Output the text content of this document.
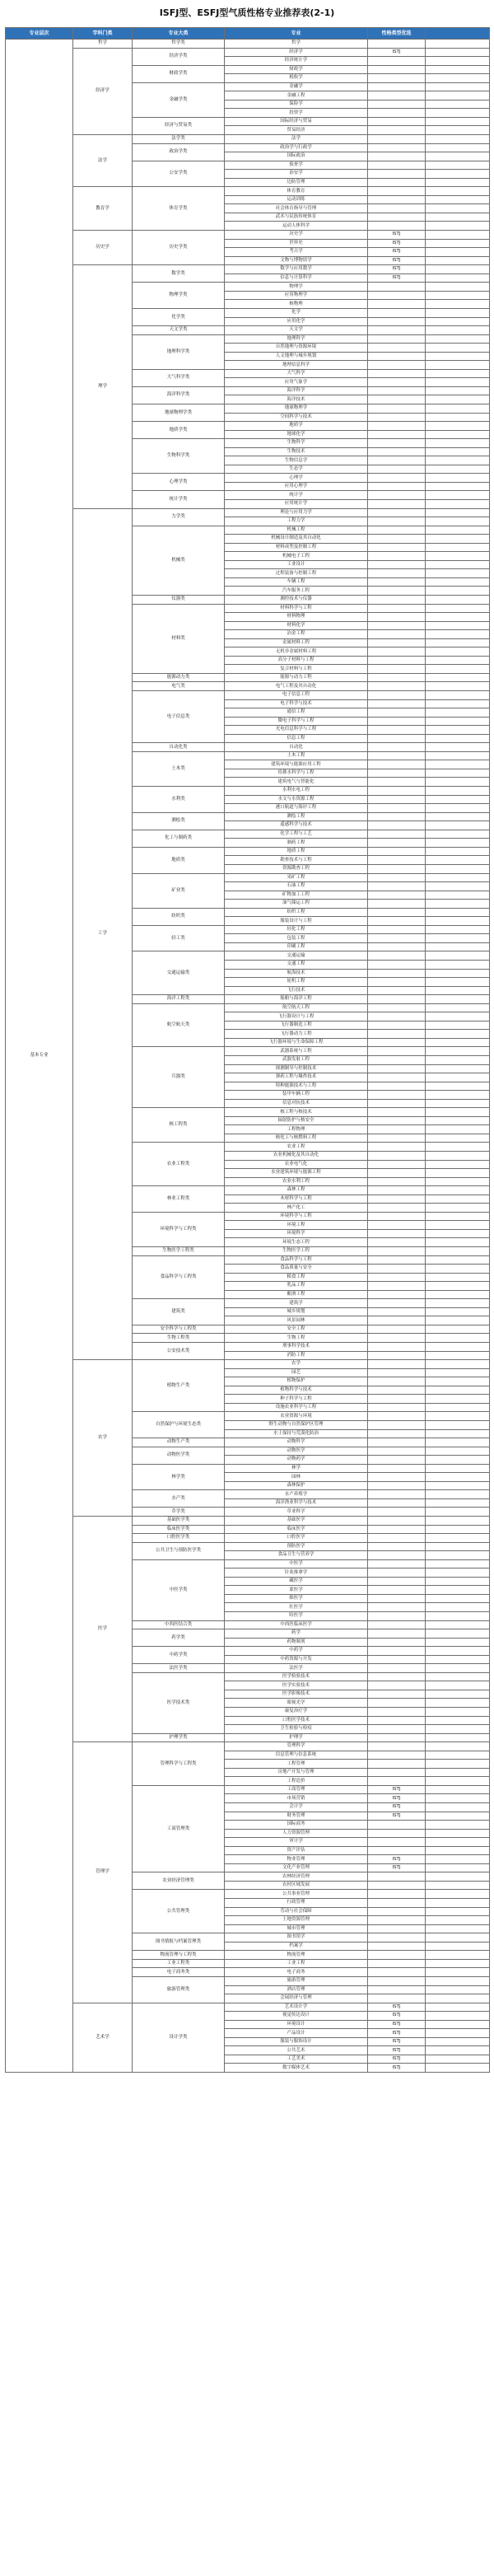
ISFJ型、ESFJ型气质性格专业推荐表(2-1)
专业层次	学科门类	专业大类	专业	性格类型优选	
基本专业	哲学	哲学类	哲学		
	经济学	经济学类	经济学	ISTJ	
			经济统计学		
		财政学类	财政学		
			税收学		
		金融学类	金融学		
			金融工程		
			保险学		
			投资学		
		经济与贸易类	国际经济与贸易		
			贸易经济		
	法学	法学类	法学		
		政治学类	政治学与行政学		
			国际政治		
		公安学类	侦查学		
			治安学		
			边防管理		
	教育学	体育学类	体育教育		
			运动训练		
			社会体育指导与管理		
			武术与民族传统体育		
			运动人体科学		
	历史学	历史学类	历史学	ISTJ	
			世界史	ISTJ	
			考古学	ISTJ	
			文物与博物馆学	ISTJ	
	理学	数学类	数学与应用数学	ISTJ	
			信息与计算科学	ISTJ	
		物理学类	物理学		
			应用物理学		
			核物理		
		化学类	化学		
			应用化学		
		天文学类	天文学		
		地理科学类	地理科学		
			自然地理与资源环境		
			人文地理与城乡规划		
			地理信息科学		
		大气科学类	大气科学		
			应用气象学		
		海洋科学类	海洋科学		
			海洋技术		
		地球物理学类	地球物理学		
			空间科学与技术		
		地质学类	地质学		
			地球化学		
		生物科学类	生物科学		
			生物技术		
			生物信息学		
			生态学		
		心理学类	心理学		
			应用心理学		
		统计学类	统计学		
			应用统计学		
	工学	力学类	理论与应用力学		
			工程力学		
		机械类	机械工程		
			机械设计制造及其自动化		
			材料成型及控制工程		
			机械电子工程		
			工业设计		
			过程装备与控制工程		
			车辆工程		
			汽车服务工程		
		仪器类	测控技术与仪器		
		材料类	材料科学与工程		
			材料物理		
			材料化学		
			冶金工程		
			金属材料工程		
			无机非金属材料工程		
			高分子材料与工程		
			复合材料与工程		
		能源动力类	能源与动力工程		
		电气类	电气工程及其自动化		
		电子信息类	电子信息工程		
			电子科学与技术		
			通信工程		
			微电子科学与工程		
			光电信息科学与工程		
			信息工程		
		自动化类	自动化		
		土木类	土木工程		
			建筑环境与能源应用工程		
			给排水科学与工程		
			建筑电气与智能化		
		水利类	水利水电工程		
			水文与水资源工程		
			港口航道与海岸工程		
		测绘类	测绘工程		
			遥感科学与技术		
		化工与制药类	化学工程与工艺		
			制药工程		
		地质类	地质工程		
			勘查技术与工程		
			资源勘查工程		
		矿业类	采矿工程		
			石油工程		
			矿物加工工程		
			油气储运工程		
		纺织类	纺织工程		
			服装设计与工程		
		轻工类	轻化工程		
			包装工程		
			印刷工程		
		交通运输类	交通运输		
			交通工程		
			航海技术		
			轮机工程		
			飞行技术		
		海洋工程类	船舶与海洋工程		
		航空航天类	航空航天工程		
			飞行器设计与工程		
			飞行器制造工程		
			飞行器动力工程		
			飞行器环境与生命保障工程		
		兵器类	武器系统与工程		
			武器发射工程		
			探测制导与控制技术		
			弹药工程与爆炸技术		
			特种能源技术与工程		
			装甲车辆工程		
			信息对抗技术		
		核工程类	核工程与核技术		
			辐射防护与核安全		
			工程物理		
			核化工与核燃料工程		
		农业工程类	农业工程		
			农业机械化及其自动化		
			农业电气化		
			农业建筑环境与能源工程		
			农业水利工程		
		林业工程类	森林工程		
			木材科学与工程		
			林产化工		
		环境科学与工程类	环境科学与工程		
			环境工程		
			环境科学		
			环境生态工程		
		生物医学工程类	生物医学工程		
		食品科学与工程类	食品科学与工程		
			食品质量与安全		
			粮食工程		
			乳品工程		
			酿酒工程		
		建筑类	建筑学		
			城乡规划		
			风景园林		
		安全科学与工程类	安全工程		
		生物工程类	生物工程		
		公安技术类	刑事科学技术		
			消防工程		
	农学	植物生产类	农学		
			园艺		
			植物保护		
			植物科学与技术		
			种子科学与工程		
			设施农业科学与工程		
		自然保护与环境生态类	农业资源与环境		
			野生动物与自然保护区管理		
			水土保持与荒漠化防治		
		动物生产类	动物科学		
		动物医学类	动物医学		
			动物药学		
		林学类	林学		
			园林		
			森林保护		
		水产类	水产养殖学		
			海洋渔业科学与技术		
		草学类	草业科学		
	医学	基础医学类	基础医学		
		临床医学类	临床医学		
		口腔医学类	口腔医学		
		公共卫生与预防医学类	预防医学		
			食品卫生与营养学		
		中医学类	中医学		
			针灸推拿学		
			藏医学		
			蒙医学		
			维医学		
			壮医学		
			哈医学		
		中西医结合类	中西医临床医学		
		药学类	药学		
			药物制剂		
		中药学类	中药学		
			中药资源与开发		
		法医学类	法医学		
		医学技术类	医学检验技术		
			医学实验技术		
			医学影像技术		
			眼视光学		
			康复治疗学		
			口腔医学技术		
			卫生检验与检疫		
		护理学类	护理学		
	管理学	管理科学与工程类	管理科学		
			信息管理与信息系统		
			工程管理		
			房地产开发与管理		
			工程造价		
		工商管理类	工商管理	ISTJ	
			市场营销	ISTJ	
			会计学	ISTJ	
			财务管理	ISTJ	
			国际商务		
			人力资源管理		
			审计学		
			资产评估		
			物业管理	ISTJ	
			文化产业管理	ISTJ	
		农业经济管理类	农林经济管理		
			农村区域发展		
		公共管理类	公共事业管理		
			行政管理		
			劳动与社会保障		
			土地资源管理		
			城市管理		
		图书情报与档案管理类	图书馆学		
			档案学		
		物流管理与工程类	物流管理		
		工业工程类	工业工程		
		电子商务类	电子商务		
		旅游管理类	旅游管理		
			酒店管理		
			会展经济与管理		
	艺术学	设计学类	艺术设计学	ISTJ	
			视觉传达设计	ISTJ	
			环境设计	ISTJ	
			产品设计	ISTJ	
			服装与服饰设计	ISTJ	
			公共艺术	ISTJ	
			工艺美术	ISTJ	
			数字媒体艺术	ISTJ	
